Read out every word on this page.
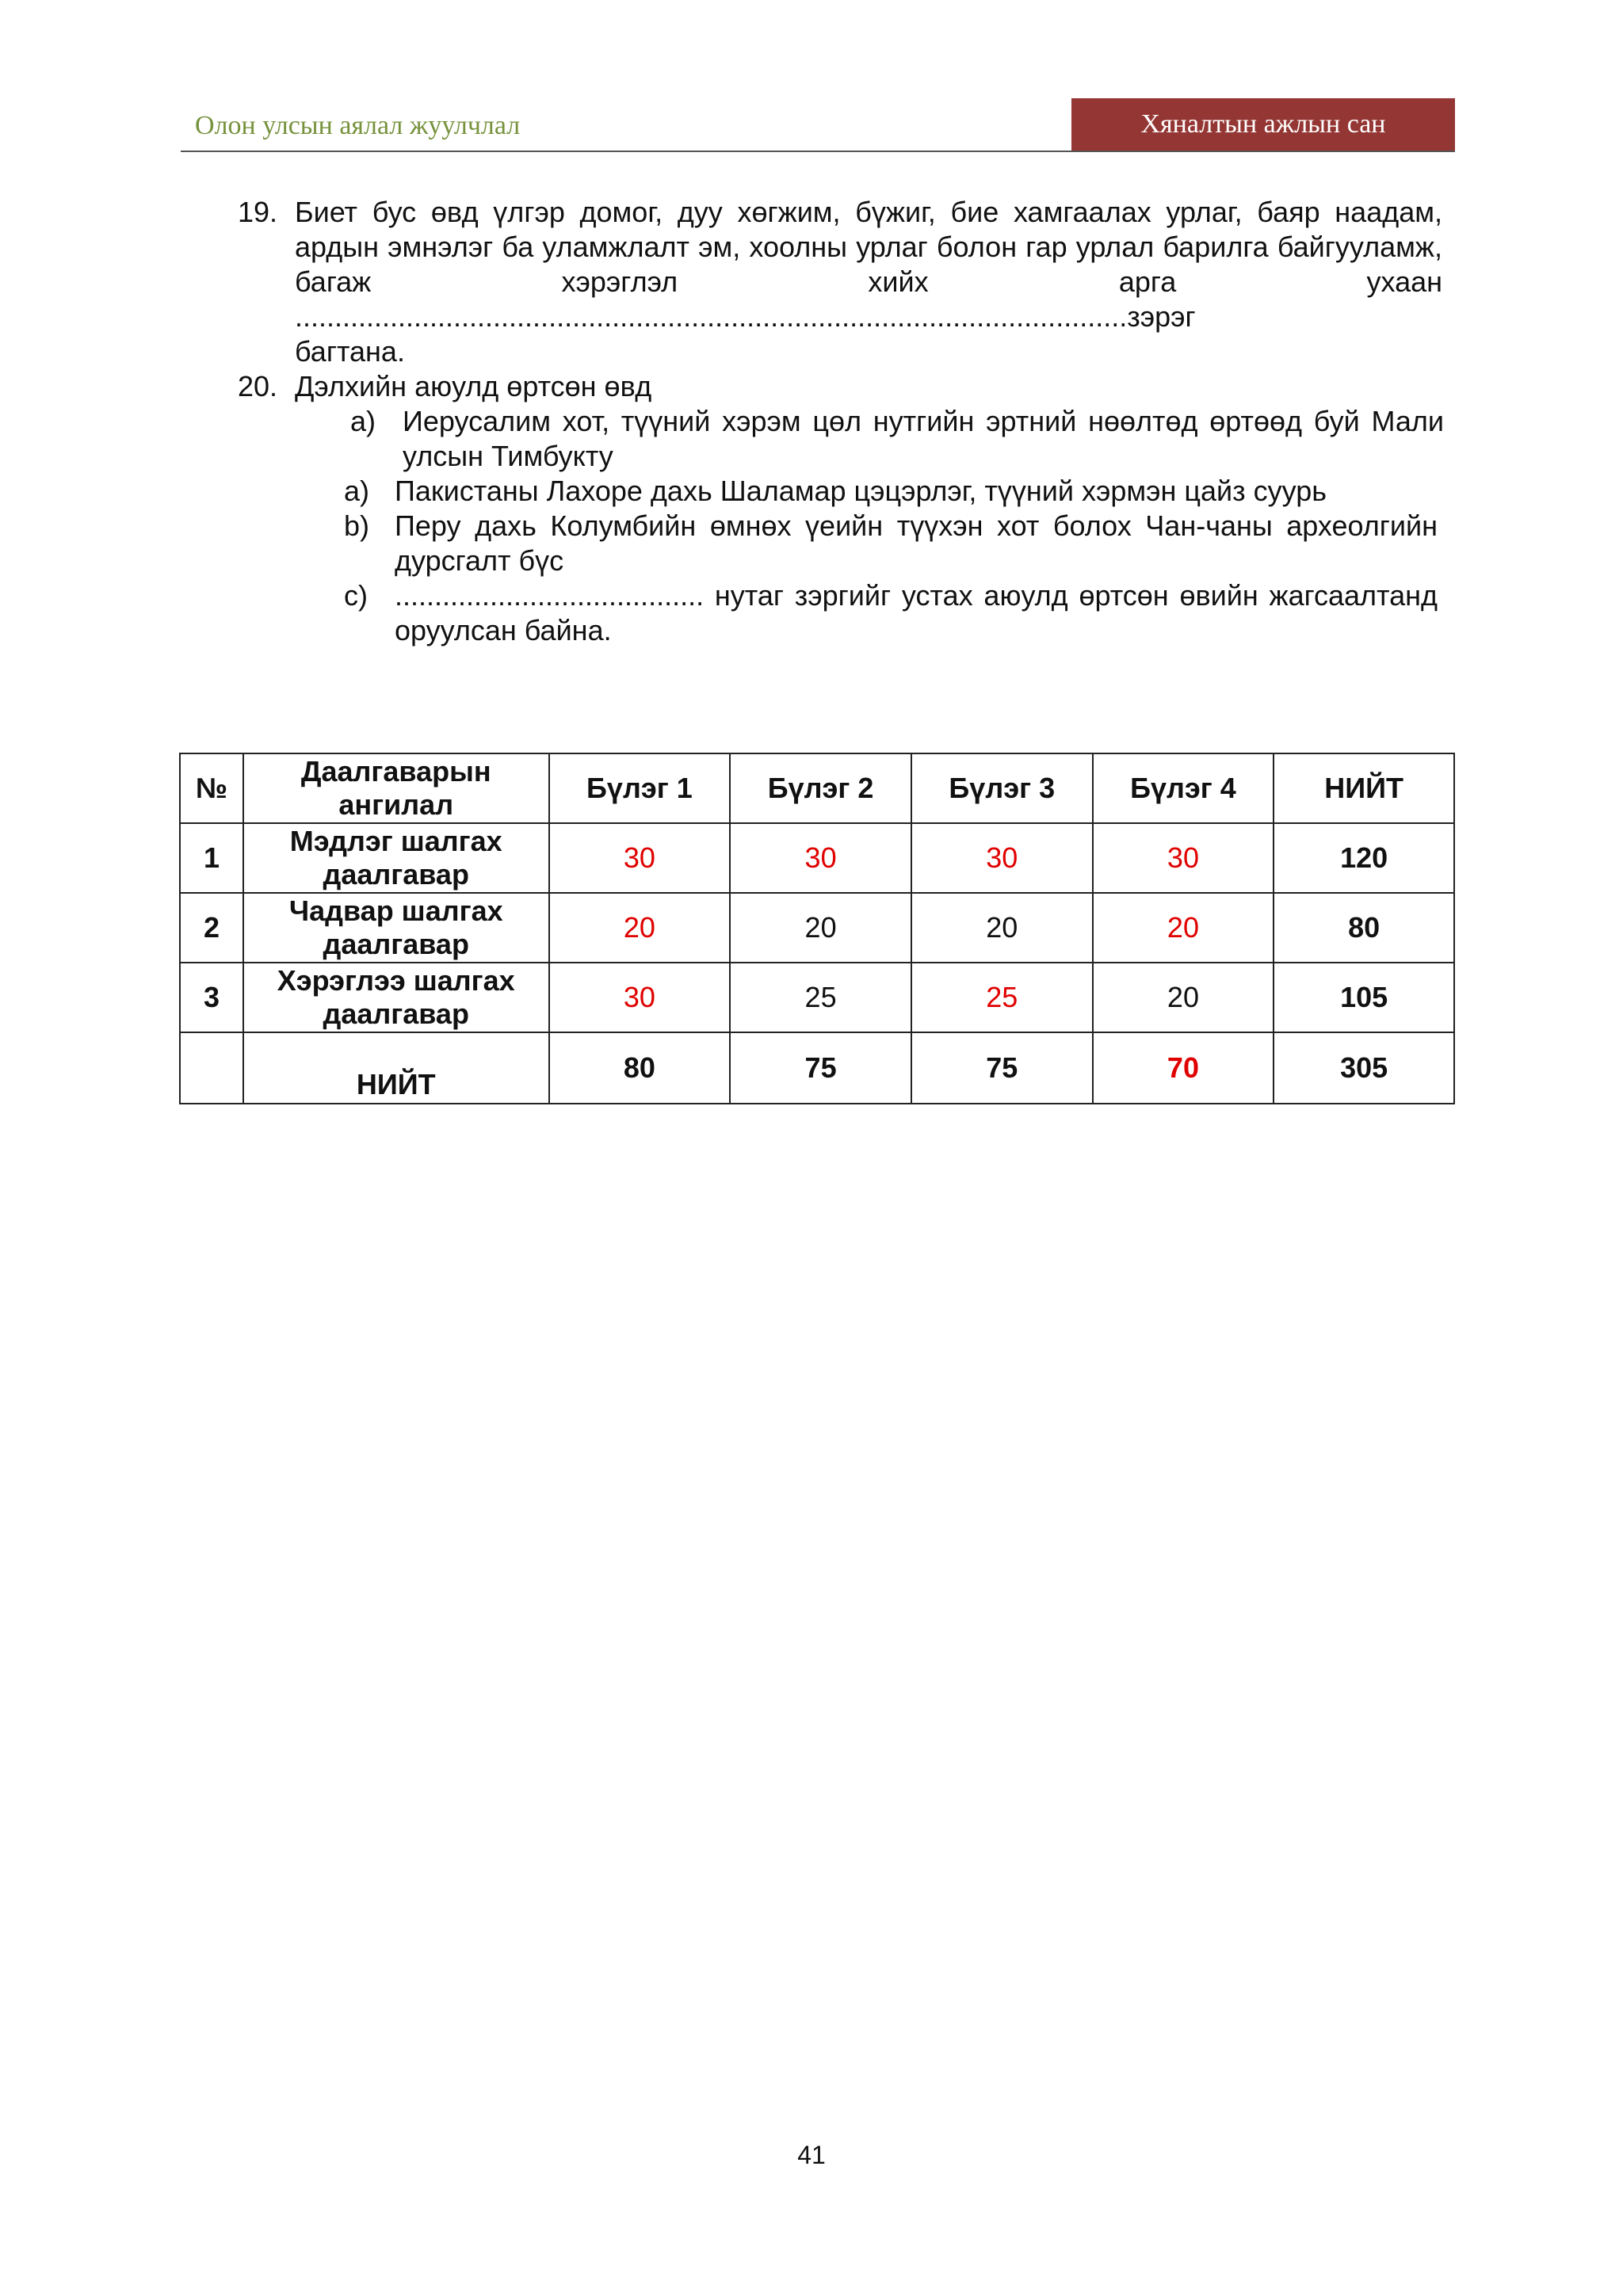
Олон улсын аялал жуулчлал	Хяналтын ажлын сан
19. Биет бус өвд үлгэр домог, дуу хөгжим, бүжиг, бие хамгаалах урлаг, баяр наадам, ардын эмнэлэг ба уламжлалт эм, хоолны урлаг болон гар урлал барилга байгууламж, багаж хэрэглэл хийх арга ухаан .........................................................................................................зэрэг
багтана.
20. Дэлхийн аюулд өртсөн өвд
a) Иерусалим хот, түүний хэрэм цөл нутгийн эртний нөөлтөд өртөөд буй Мали улсын Тимбукту
a) Пакистаны Лахоре дахь Шаламар цэцэрлэг, түүний хэрмэн цайз суурь
b) Перу дахь Колумбийн өмнөх үеийн түүхэн хот болох Чан-чаны археолгийн дурсгалт бүс
c) ....................................... нутаг зэргийг устах аюулд өртсөн өвийн жагсаалтанд оруулсан байна.
№	Даалгаварын ангилал	Бүлэг 1	Бүлэг 2	Бүлэг 3	Бүлэг 4	НИЙТ
1	Мэдлэг шалгах даалгавар	30	30	30	30	120
2	Чадвар шалгах даалгавар	20	20	20	20	80
3	Хэрэглээ шалгах даалгавар	30	25	25	20	105
	НИЙТ	80	75	75	70	305
41
